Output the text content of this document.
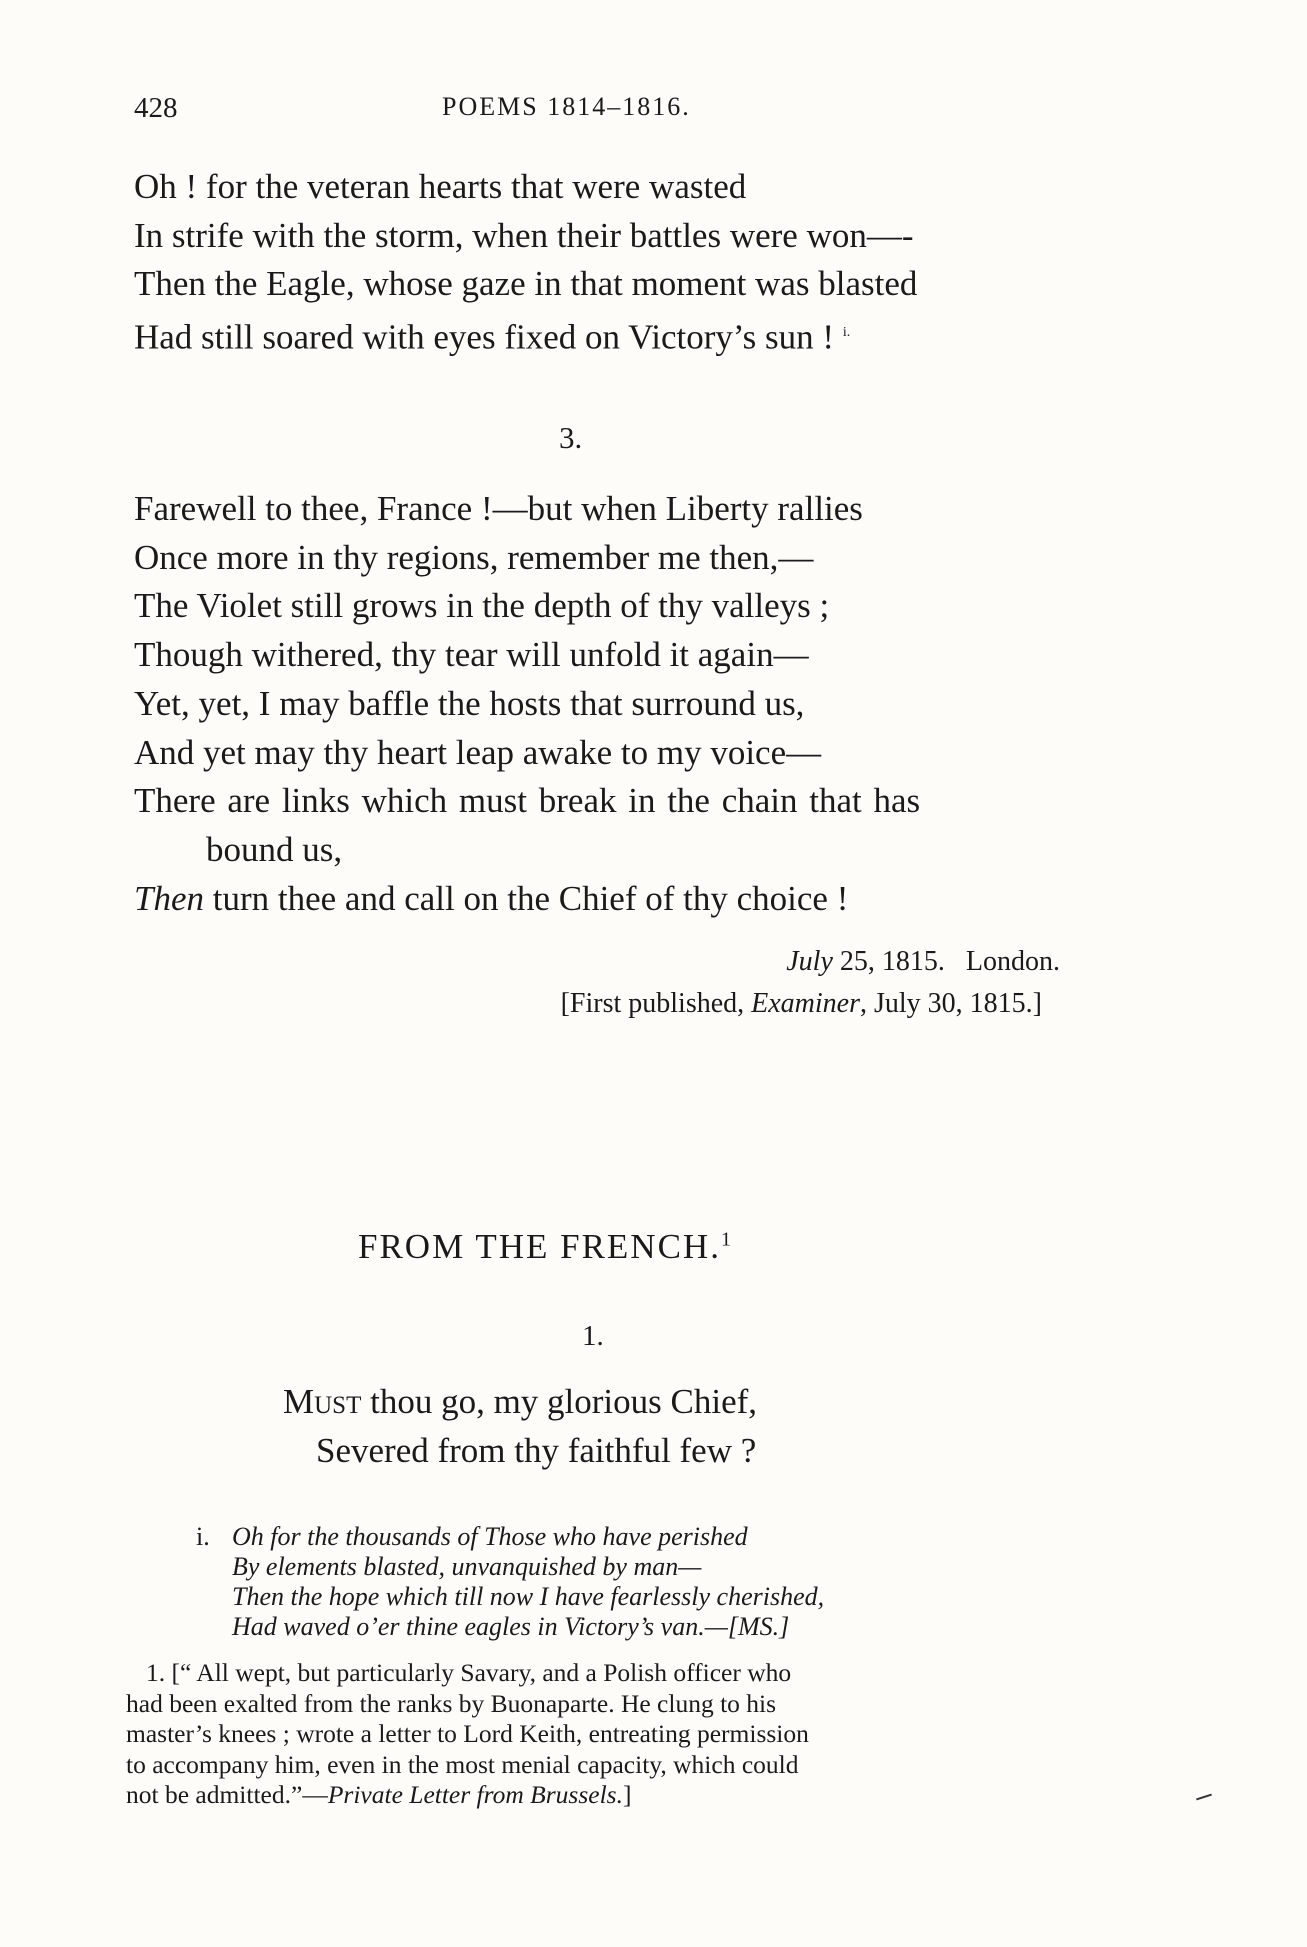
428	POEMS 1814–1816.
Oh ! for the veteran hearts that were wasted
In strife with the storm, when their battles were won—-
Then the Eagle, whose gaze in that moment was blasted
Had still soared with eyes fixed on Victory’s sun ! $^{i.}$
3.
Farewell to thee, France !—but when Liberty rallies
Once more in thy regions, remember me then,—
The Violet still grows in the depth of thy valleys ;
Though withered, thy tear will unfold it again—
Yet, yet, I may baffle the hosts that surround us,
And yet may thy heart leap awake to my voice—
There are links which must break in the chain that has
bound us,
Then turn thee and call on the Chief of thy choice !
July 25, 1815. London.
[First published, Examiner, July 30, 1815.]
FROM THE FRENCH.$^1$
1.
Must thou go, my glorious Chief,
Severed from thy faithful few ?
i. Oh for the thousands of Those who have perished
By elements blasted, unvanquished by man—
Then the hope which till now I have fearlessly cherished,
Had waved o’er thine eagles in Victory’s van.—[MS.]
1. [“ All wept, but particularly Savary, and a Polish officer who
had been exalted from the ranks by Buonaparte. He clung to his
master’s knees ; wrote a letter to Lord Keith, entreating permission
to accompany him, even in the most menial capacity, which could
not be admitted.”—Private Letter from Brussels.]
